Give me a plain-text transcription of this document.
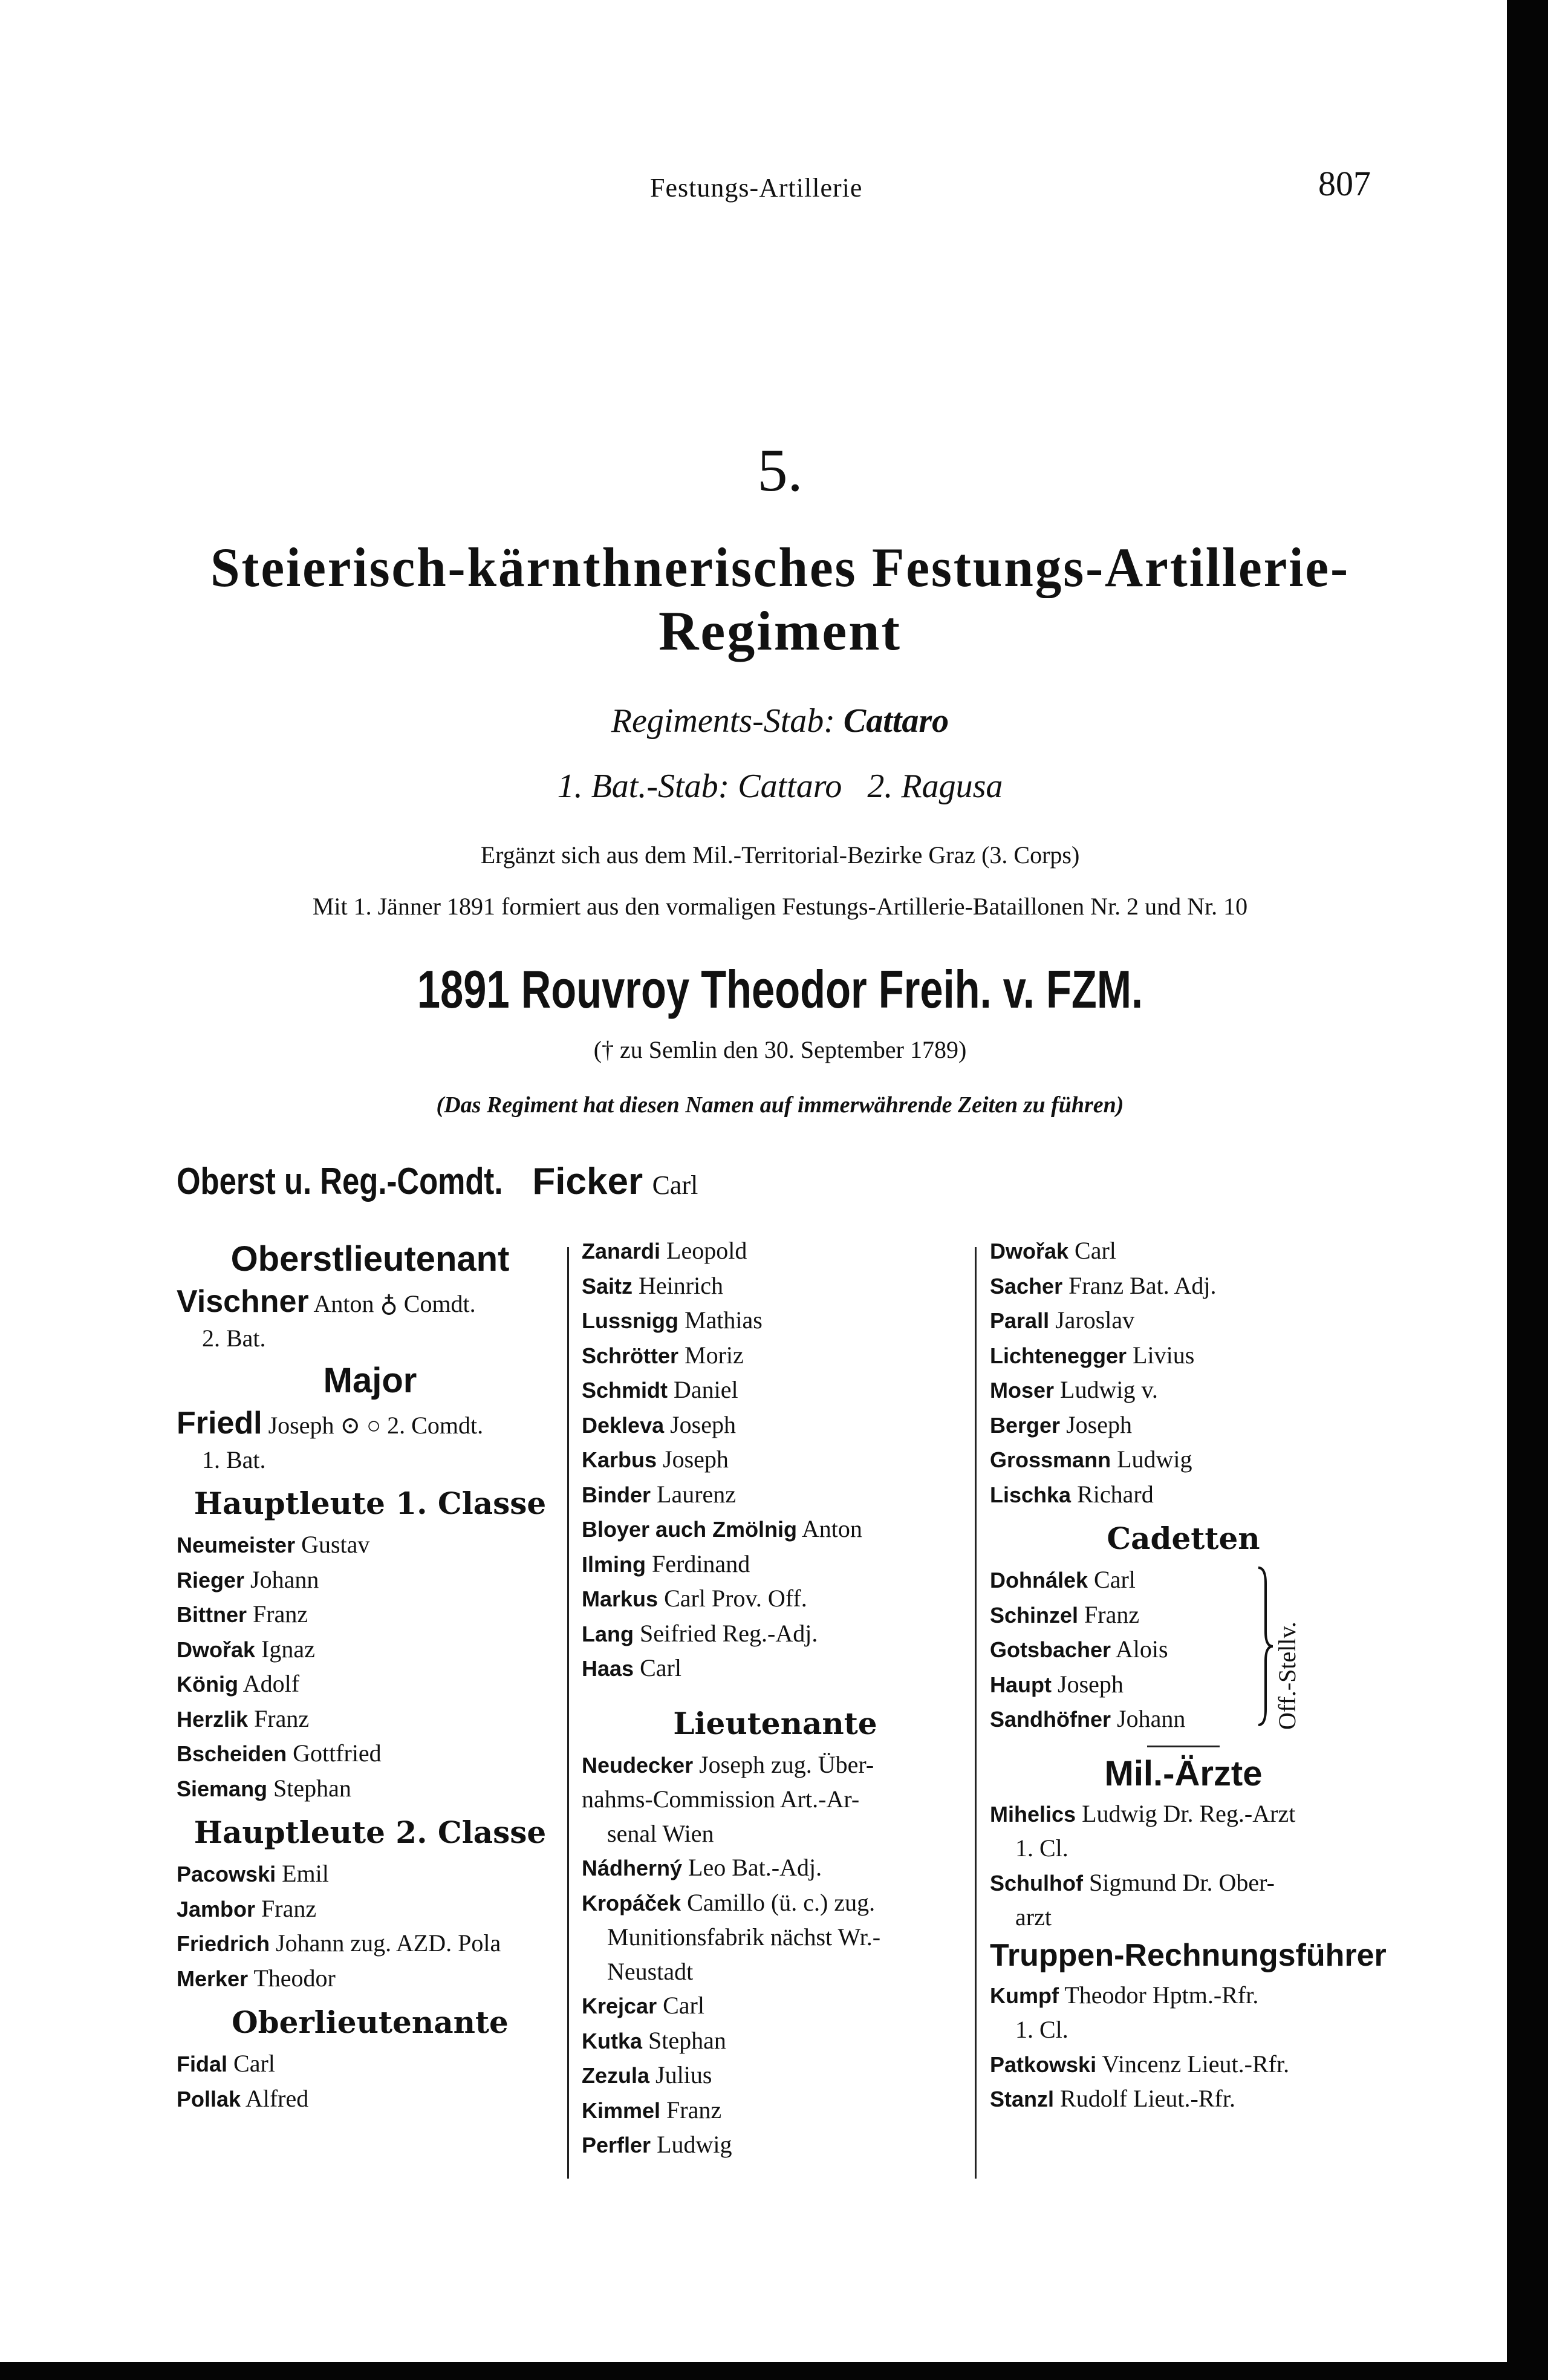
Festungs-Artillerie	807
5.
Steierisch-kärnthnerisches Festungs-Artillerie-
Regiment
Regiments-Stab: Cattaro
1. Bat.-Stab: Cattaro 2. Ragusa
Ergänzt sich aus dem Mil.-Territorial-Bezirke Graz (3. Corps)
Mit 1. Jänner 1891 formiert aus den vormaligen Festungs-Artillerie-Bataillonen Nr. 2 und Nr. 10
1891 Rouvroy Theodor Freih. v. FZM.
(† zu Semlin den 30. September 1789)
(Das Regiment hat diesen Namen auf immerwährende Zeiten zu führen)
Oberst u. Reg.-Comdt. Ficker Carl
Oberstlieutenant
Vischner Anton ♁ Comdt.
2. Bat.
Major
Friedl Joseph ⊙ ○ 2. Comdt.
1. Bat.
Hauptleute 1. Classe
Neumeister Gustav
Rieger Johann
Bittner Franz
Dwořak Ignaz
König Adolf
Herzlik Franz
Bscheiden Gottfried
Siemang Stephan
Hauptleute 2. Classe
Pacowski Emil
Jambor Franz
Friedrich Johann zug. AZD. Pola
Merker Theodor
Oberlieutenante
Fidal Carl
Pollak Alfred
Zanardi Leopold
Saitz Heinrich
Lussnigg Mathias
Schrötter Moriz
Schmidt Daniel
Dekleva Joseph
Karbus Joseph
Binder Laurenz
Bloyer auch Zmölnig Anton
Ilming Ferdinand
Markus Carl Prov. Off.
Lang Seifried Reg.-Adj.
Haas Carl
Lieutenante
Neudecker Joseph zug. Über-
nahms-Commission Art.-Ar-
senal Wien
Nádherný Leo Bat.-Adj.
Kropáček Camillo (ü. c.) zug.
Munitionsfabrik nächst Wr.-
Neustadt
Krejcar Carl
Kutka Stephan
Zezula Julius
Kimmel Franz
Perfler Ludwig
Dwořak Carl
Sacher Franz Bat. Adj.
Parall Jaroslav
Lichtenegger Livius
Moser Ludwig v.
Berger Joseph
Grossmann Ludwig
Lischka Richard
Cadetten
Dohnálek Carl
Schinzel Franz
Gotsbacher Alois
Haupt Joseph
Sandhöfner Johann	Off.-Stellv.
Mil.-Ärzte
Mihelics Ludwig Dr. Reg.-Arzt
1. Cl.
Schulhof Sigmund Dr. Ober-
arzt
Truppen-Rechnungsführer
Kumpf Theodor Hptm.-Rfr.
1. Cl.
Patkowski Vincenz Lieut.-Rfr.
Stanzl Rudolf Lieut.-Rfr.
